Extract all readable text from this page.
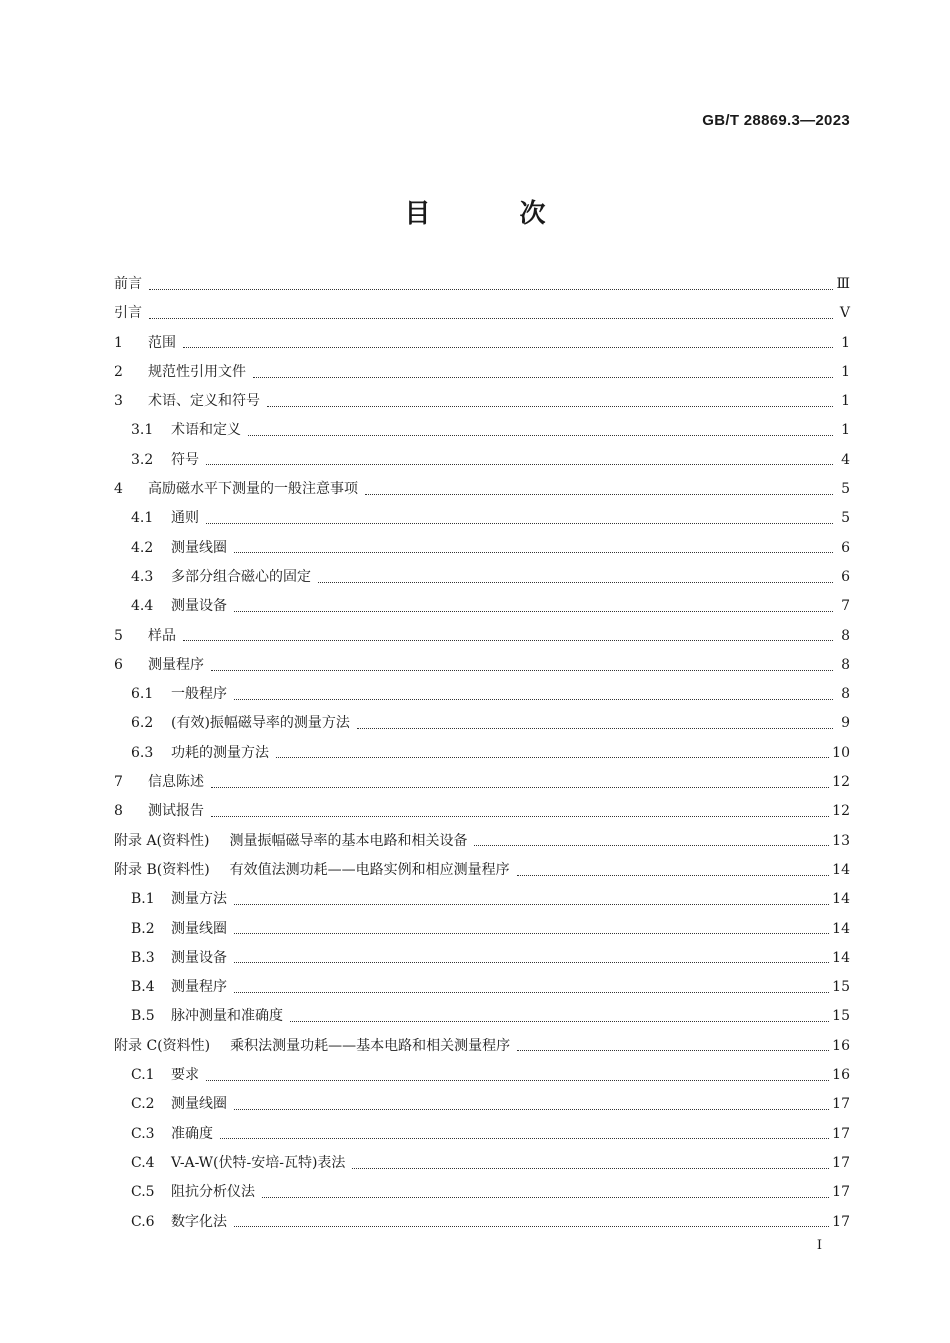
GB/T 28869.3—2023
目 次
前言	Ⅲ
引言	Ⅴ
1	范围	1
2	规范性引用文件	1
3	术语、定义和符号	1
3.1	术语和定义	1
3.2	符号	4
4	高励磁水平下测量的一般注意事项	5
4.1	通则	5
4.2	测量线圈	6
4.3	多部分组合磁心的固定	6
4.4	测量设备	7
5	样品	8
6	测量程序	8
6.1	一般程序	8
6.2	(有效)振幅磁导率的测量方法	9
6.3	功耗的测量方法	10
7	信息陈述	12
8	测试报告	12
附录 A(资料性) 测量振幅磁导率的基本电路和相关设备	13
附录 B(资料性) 有效值法测功耗——电路实例和相应测量程序	14
B.1	测量方法	14
B.2	测量线圈	14
B.3	测量设备	14
B.4	测量程序	15
B.5	脉冲测量和准确度	15
附录 C(资料性) 乘积法测量功耗——基本电路和相关测量程序	16
C.1	要求	16
C.2	测量线圈	17
C.3	准确度	17
C.4	V-A-W(伏特-安培-瓦特)表法	17
C.5	阻抗分析仪法	17
C.6	数字化法	17
I
